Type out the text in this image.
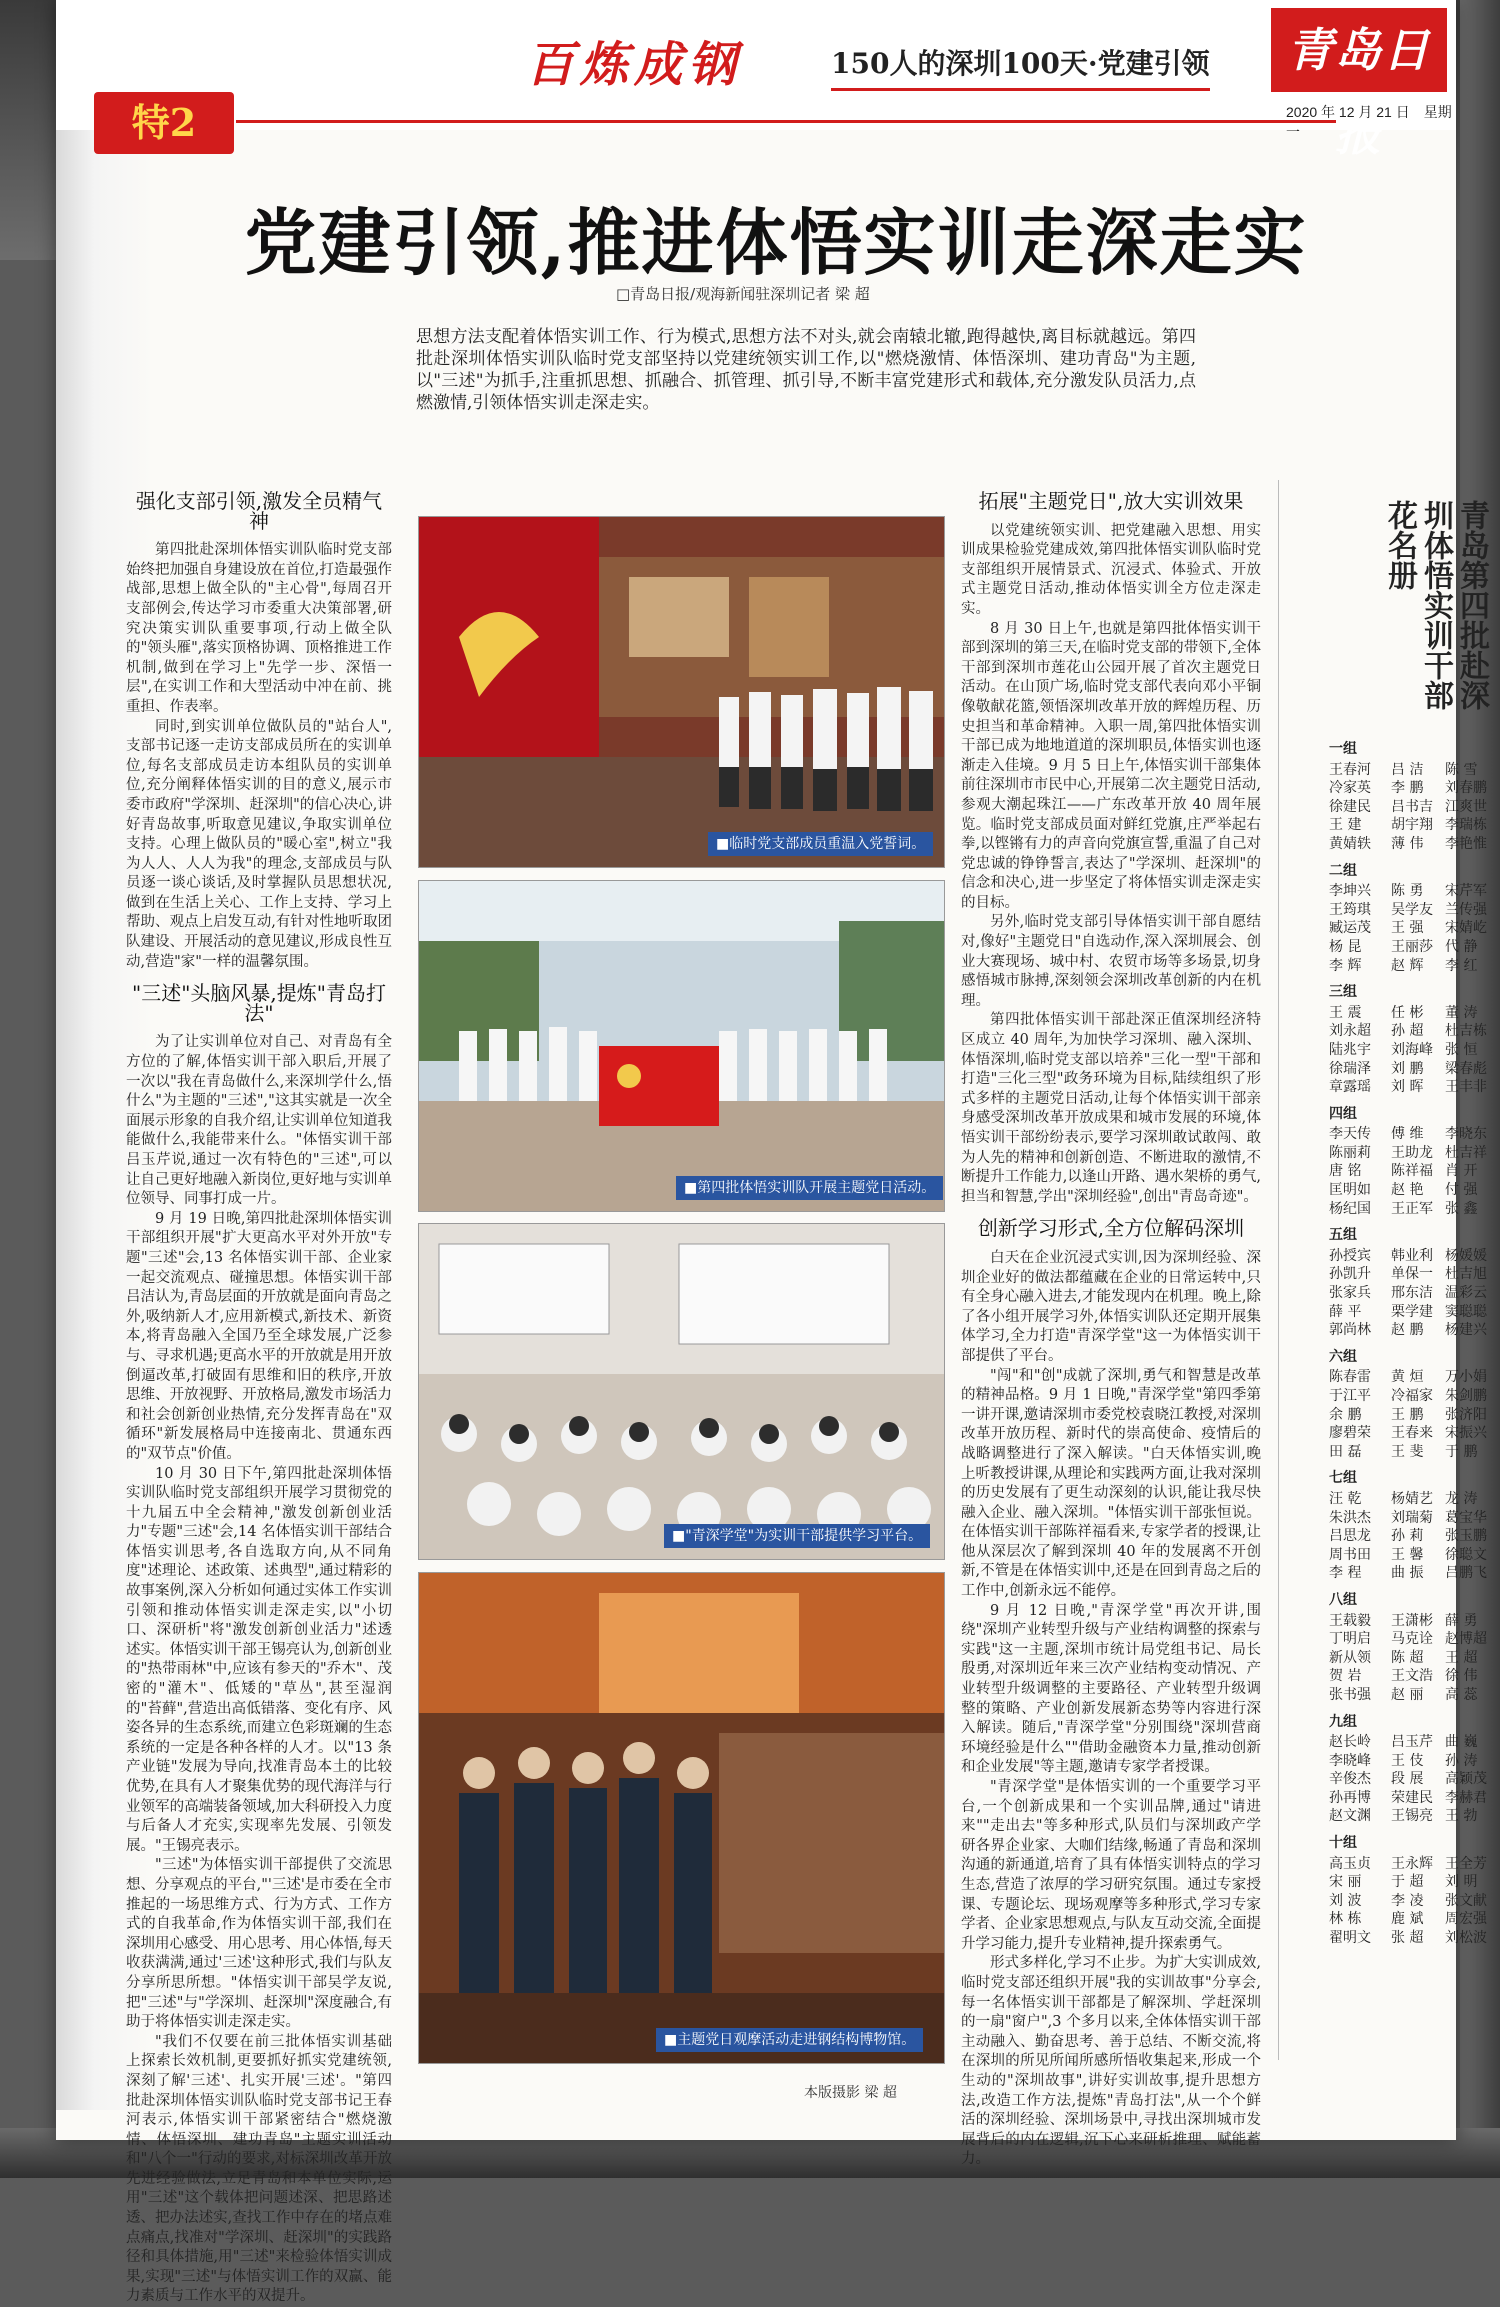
百炼成钢	150人的深圳100天·党建引领
特2
青岛日报
2020 年 12 月 21 日　星期一
党建引领,推进体悟实训走深走实
□青岛日报/观海新闻驻深圳记者 梁 超
思想方法支配着体悟实训工作、行为模式,思想方法不对头,就会南辕北辙,跑得越快,离目标就越远。第四批赴深圳体悟实训队临时党支部坚持以党建统领实训工作,以"燃烧激情、体悟深圳、建功青岛"为主题,以"三述"为抓手,注重抓思想、抓融合、抓管理、抓引导,不断丰富党建形式和载体,充分激发队员活力,点燃激情,引领体悟实训走深走实。
强化支部引领,激发全员精气神

第四批赴深圳体悟实训队临时党支部始终把加强自身建设放在首位,打造最强作战部,思想上做全队的"主心骨",每周召开支部例会,传达学习市委重大决策部署,研究决策实训队重要事项,行动上做全队的"领头雁",落实顶格协调、顶格推进工作机制,做到在学习上"先学一步、深悟一层",在实训工作和大型活动中冲在前、挑重担、作表率。

同时,到实训单位做队员的"站台人",支部书记逐一走访支部成员所在的实训单位,每名支部成员走访本组队员的实训单位,充分阐释体悟实训的目的意义,展示市委市政府"学深圳、赶深圳"的信心决心,讲好青岛故事,听取意见建议,争取实训单位支持。心理上做队员的"暖心室",树立"我为人人、人人为我"的理念,支部成员与队员逐一谈心谈话,及时掌握队员思想状况,做到在生活上关心、工作上支持、学习上帮助、观点上启发互动,有针对性地听取团队建设、开展活动的意见建议,形成良性互动,营造"家"一样的温馨氛围。

"三述"头脑风暴,提炼"青岛打法"

为了让实训单位对自己、对青岛有全方位的了解,体悟实训干部入职后,开展了一次以"我在青岛做什么,来深圳学什么,悟什么"为主题的"三述","这其实就是一次全面展示形象的自我介绍,让实训单位知道我能做什么,我能带来什么。"体悟实训干部吕玉芹说,通过一次有特色的"三述",可以让自己更好地融入新岗位,更好地与实训单位领导、同事打成一片。

9 月 19 日晚,第四批赴深圳体悟实训干部组织开展"扩大更高水平对外开放"专题"三述"会,13 名体悟实训干部、企业家一起交流观点、碰撞思想。体悟实训干部吕洁认为,青岛层面的开放就是面向青岛之外,吸纳新人才,应用新模式,新技术、新资本,将青岛融入全国乃至全球发展,广泛参与、寻求机遇;更高水平的开放就是用开放倒逼改革,打破固有思维和旧的秩序,开放思维、开放视野、开放格局,激发市场活力和社会创新创业热情,充分发挥青岛在"双循环"新发展格局中连接南北、贯通东西的"双节点"价值。

10 月 30 日下午,第四批赴深圳体悟实训队临时党支部组织开展学习贯彻党的十九届五中全会精神,"激发创新创业活力"专题"三述"会,14 名体悟实训干部结合体悟实训思考,各自选取方向,从不同角度"述理论、述政策、述典型",通过精彩的故事案例,深入分析如何通过实体工作实训引领和推动体悟实训走深走实,以"小切口、深研析"将"激发创新创业活力"述透述实。体悟实训干部王锡亮认为,创新创业的"热带雨林"中,应该有参天的"乔木"、茂密的"灌木"、低矮的"草丛",甚至湿润的"苔藓",营造出高低错落、变化有序、风姿各异的生态系统,而建立色彩斑斓的生态系统的一定是各种各样的人才。以"13 条产业链"发展为导向,找准青岛本土的比较优势,在具有人才聚集优势的现代海洋与行业领军的高端装备领域,加大科研投入力度与后备人才充实,实现率先发展、引领发展。"王锡亮表示。

"三述"为体悟实训干部提供了交流思想、分享观点的平台,"'三述'是市委在全市推起的一场思维方式、行为方式、工作方式的自我革命,作为体悟实训干部,我们在深圳用心感受、用心思考、用心体悟,每天收获满满,通过'三述'这种形式,我们与队友分享所思所想。"体悟实训干部吴学友说,把"三述"与"学深圳、赶深圳"深度融合,有助于将体悟实训走深走实。

"我们不仅要在前三批体悟实训基础上探索长效机制,更要抓好抓实党建统领,深刻了解'三述'、扎实开展'三述'。"第四批赴深圳体悟实训队临时党支部书记王春河表示,体悟实训干部紧密结合"燃烧激情、体悟深圳、建功青岛"主题实训活动和"八个一"行动的要求,对标深圳改革开放先进经验做法,立足青岛和本单位实际,运用"三述"这个载体把问题述深、把思路述透、把办法述实,查找工作中存在的堵点难点痛点,找准对"学深圳、赶深圳"的实践路径和具体措施,用"三述"来检验体悟实训成果,实现"三述"与体悟实训工作的双赢、能力素质与工作水平的双提升。

■临时党支部成员重温入党誓词。
■第四批体悟实训队开展主题党日活动。
■"青深学堂"为实训干部提供学习平台。
■主题党日观摩活动走进钢结构博物馆。
本版摄影 梁 超
拓展"主题党日",放大实训效果

以党建统领实训、把党建融入思想、用实训成果检验党建成效,第四批体悟实训队临时党支部组织开展情景式、沉浸式、体验式、开放式主题党日活动,推动体悟实训全方位走深走实。

8 月 30 日上午,也就是第四批体悟实训干部到深圳的第三天,在临时党支部的带领下,全体干部到深圳市莲花山公园开展了首次主题党日活动。在山顶广场,临时党支部代表向邓小平铜像敬献花篮,领悟深圳改革开放的辉煌历程、历史担当和革命精神。入职一周,第四批体悟实训干部已成为地地道道的深圳职员,体悟实训也逐渐走入佳境。9 月 5 日上午,体悟实训干部集体前往深圳市市民中心,开展第二次主题党日活动,参观大潮起珠江——广东改革开放 40 周年展览。临时党支部成员面对鲜红党旗,庄严举起右拳,以铿锵有力的声音向党旗宣誓,重温了自己对党忠诚的铮铮誓言,表达了"学深圳、赶深圳"的信念和决心,进一步坚定了将体悟实训走深走实的目标。

另外,临时党支部引导体悟实训干部自愿结对,像好"主题党日"自选动作,深入深圳展会、创业大赛现场、城中村、农贸市场等多场景,切身感悟城市脉搏,深刻领会深圳改革创新的内在机理。

第四批体悟实训干部赴深正值深圳经济特区成立 40 周年,为加快学习深圳、融入深圳、体悟深圳,临时党支部以培养"三化一型"干部和打造"三化三型"政务环境为目标,陆续组织了形式多样的主题党日活动,让每个体悟实训干部亲身感受深圳改革开放成果和城市发展的环境,体悟实训干部纷纷表示,要学习深圳敢试敢闯、敢为人先的精神和创新创造、不断进取的激情,不断提升工作能力,以逢山开路、遇水架桥的勇气,担当和智慧,学出"深圳经验",创出"青岛奇迹"。

创新学习形式,全方位解码深圳

白天在企业沉浸式实训,因为深圳经验、深圳企业好的做法都蕴藏在企业的日常运转中,只有全身心融入进去,才能发现内在机理。晚上,除了各小组开展学习外,体悟实训队还定期开展集体学习,全力打造"青深学堂"这一为体悟实训干部提供了平台。

"闯"和"创"成就了深圳,勇气和智慧是改革的精神品格。9 月 1 日晚,"青深学堂"第四季第一讲开课,邀请深圳市委党校袁晓江教授,对深圳改革开放历程、新时代的崇高使命、疫情后的战略调整进行了深入解读。"白天体悟实训,晚上听教授讲课,从理论和实践两方面,让我对深圳的历史发展有了更生动深刻的认识,能让我尽快融入企业、融入深圳。"体悟实训干部张恒说。在体悟实训干部陈祥福看来,专家学者的授课,让他从深层次了解到深圳 40 年的发展离不开创新,不管是在体悟实训中,还是在回到青岛之后的工作中,创新永远不能停。

9 月 12 日晚,"青深学堂"再次开讲,围绕"深圳产业转型升级与产业结构调整的探索与实践"这一主题,深圳市统计局党组书记、局长殷勇,对深圳近年来三次产业结构变动情况、产业转型升级调整的主要路径、产业转型升级调整的策略、产业创新发展新态势等内容进行深入解读。随后,"青深学堂"分别围绕"深圳营商环境经验是什么""借助金融资本力量,推动创新和企业发展"等主题,邀请专家学者授课。

"青深学堂"是体悟实训的一个重要学习平台,一个创新成果和一个实训品牌,通过"请进来""走出去"等多种形式,队员们与深圳政产学研各界企业家、大咖们结缘,畅通了青岛和深圳沟通的新通道,培育了具有体悟实训特点的学习生态,营造了浓厚的学习研究氛围。通过专家授课、专题论坛、现场观摩等多种形式,学习专家学者、企业家思想观点,与队友互动交流,全面提升学习能力,提升专业精神,提升探索勇气。

形式多样化,学习不止步。为扩大实训成效,临时党支部还组织开展"我的实训故事"分享会,每一名体悟实训干部都是了解深圳、学赶深圳的一扇"窗户",3 个多月以来,全体体悟实训干部主动融入、勤奋思考、善于总结、不断交流,将在深圳的所见所闻所感所悟收集起来,形成一个生动的"深圳故事",讲好实训故事,提升思想方法,改造工作方法,提炼"青岛打法",从一个个鲜活的深圳经验、深圳场景中,寻找出深圳城市发展背后的内在逻辑,沉下心来研析推理、赋能蓄力。

青岛第四批赴深圳体悟实训干部花名册
一组
王春河	吕 洁	陈 雪
冷家英	李 鹏	刘春鹏
徐建民	吕书吉 江爽世
王 建	胡宇翔 李瑞栋
黄婧轶	薄 伟	李艳惟
二组
李坤兴	陈 勇	宋芹军
王筠琪	吴学友 兰传强
臧运茂	王 强	宋婧屹
杨 昆	王丽莎 代 静
李 辉	赵 辉	李 红
三组
王 震	任 彬	董 涛
刘永超	孙 超	杜吉栋
陆兆宇	刘海峰 张 恒
徐瑞泽	刘 鹏	梁春彪
章露瑶	刘 晖	王丰非
四组
李天传	傅 维	李晓东
陈丽莉	王助龙 杜吉祥
唐 铭	陈祥福 肖 开
匡明如	赵 艳	付 强
杨纪国	王正军 张 鑫
五组
孙授宾	韩业利 杨媛媛
孙凯升	单保一 杜吉旭
张家兵	邢东洁 温彩云
薛 平	栗学建 窦聪聪
郭尚林	赵 鹏	杨建兴
六组
陈春雷	黄 烜	万小娟
于江平	冷福家 朱剑鹏
余 鹏	王 鹏	张济阳
廖碧荣	王春来 宋振兴
田 磊	王 斐	于 鹏
七组
汪 乾	杨婧艺 龙 涛
朱洪杰	刘瑞菊 葛宝华
吕思龙	孙 莉	张玉鹏
周书田	王 馨	徐聪文
李 程	曲 振	吕鹏飞
八组
王载毅	王潇彬 薛 勇
丁明启	马克诠 赵博超
新从领	陈 超	王 超
贺 岩	王文浩 徐 伟
张书强	赵 丽	高 蕊
九组
赵长岭	吕玉芹 曲 巍
李晓峰	王 伎	孙 涛
辛俊杰	段 展	高颖茂
孙再博	荣建民 李赫君
赵文渊	王锡亮 王 勃
十组
高玉贞	王永辉 王全芳
宋 丽	于 超	刘 明
刘 波	李 凌	张文献
林 栋	鹿 斌	周宏强
翟明文	张 超	刘松波
